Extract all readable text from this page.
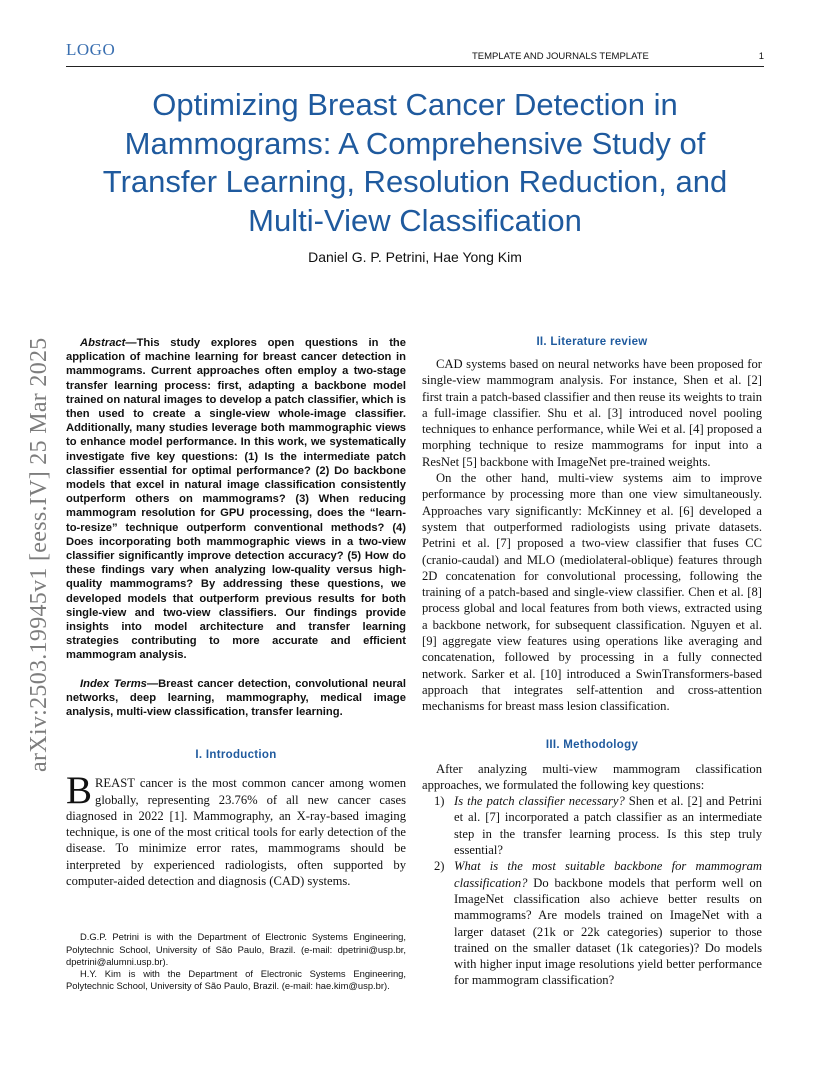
LOGO	TEMPLATE AND JOURNALS TEMPLATE	1
Optimizing Breast Cancer Detection in Mammograms: A Comprehensive Study of Transfer Learning, Resolution Reduction, and Multi-View Classification
Daniel G. P. Petrini, Hae Yong Kim
arXiv:2503.19945v1 [eess.IV] 25 Mar 2025	Abstract—This study explores open questions in the application of machine learning for breast cancer detection in mammograms. Current approaches often employ a two-stage transfer learning process: first, adapting a backbone model trained on natural images to develop a patch classifier, which is then used to create a single-view whole-image classifier. Additionally, many studies leverage both mammographic views to enhance model performance. In this work, we systematically investigate five key questions: (1) Is the intermediate patch classifier essential for optimal performance? (2) Do backbone models that excel in natural image classification consistently outperform others on mammograms? (3) When reducing mammogram resolution for GPU processing, does the “learn-to-resize” technique outperform conventional methods? (4) Does incorporating both mammographic views in a two-view classifier significantly improve detection accuracy? (5) How do these findings vary when analyzing low-quality versus high-quality mammograms? By addressing these questions, we developed models that outperform previous results for both single-view and two-view classifiers. Our findings provide insights into model architecture and transfer learning strategies contributing to more accurate and efficient mammogram analysis.

Index Terms—Breast cancer detection, convolutional neural networks, deep learning, mammography, medical image analysis, multi-view classification, transfer learning.

I. Introduction

BREAST cancer is the most common cancer among women globally, representing 23.76% of all new cancer cases diagnosed in 2022 [1]. Mammography, an X-ray-based imaging technique, is one of the most critical tools for early detection of the disease. To minimize error rates, mammograms should be interpreted by experienced radiologists, often supported by computer-aided detection and diagnosis (CAD) systems.

D.G.P. Petrini is with the Department of Electronic Systems Engineering, Polytechnic School, University of São Paulo, Brazil. (e-mail: dpetrini@usp.br, dpetrini@alumni.usp.br).

H.Y. Kim is with the Department of Electronic Systems Engineering, Polytechnic School, University of São Paulo, Brazil. (e-mail: hae.kim@usp.br).

II. Literature review

CAD systems based on neural networks have been proposed for single-view mammogram analysis. For instance, Shen et al. [2] first train a patch-based classifier and then reuse its weights to train a full-image classifier. Shu et al. [3] introduced novel pooling techniques to enhance performance, while Wei et al. [4] proposed a morphing technique to resize mammograms for input into a ResNet [5] backbone with ImageNet pre-trained weights.

On the other hand, multi-view systems aim to improve performance by processing more than one view simultaneously. Approaches vary significantly: McKinney et al. [6] developed a system that outperformed radiologists using private datasets. Petrini et al. [7] proposed a two-view classifier that fuses CC (cranio-caudal) and MLO (mediolateral-oblique) features through 2D concatenation for convolutional processing, following the training of a patch-based and single-view classifier. Chen et al. [8] process global and local features from both views, extracted using a backbone network, for subsequent classification. Nguyen et al. [9] aggregate view features using operations like averaging and concatenation, followed by processing in a fully connected network. Sarker et al. [10] introduced a SwinTransformers-based approach that integrates self-attention and cross-attention mechanisms for breast mass lesion classification.

III. Methodology

After analyzing multi-view mammogram classification approaches, we formulated the following key questions:

1) Is the patch classifier necessary? Shen et al. [2] and Petrini et al. [7] incorporated a patch classifier as an intermediate step in the transfer learning process. Is this step truly essential?
2) What is the most suitable backbone for mammogram classification? Do backbone models that perform well on ImageNet classification also achieve better results on mammograms? Are models trained on ImageNet with a larger dataset (21k or 22k categories) superior to those trained on the smaller dataset (1k categories)? Do models with higher input image resolutions yield better performance for mammogram classification?
